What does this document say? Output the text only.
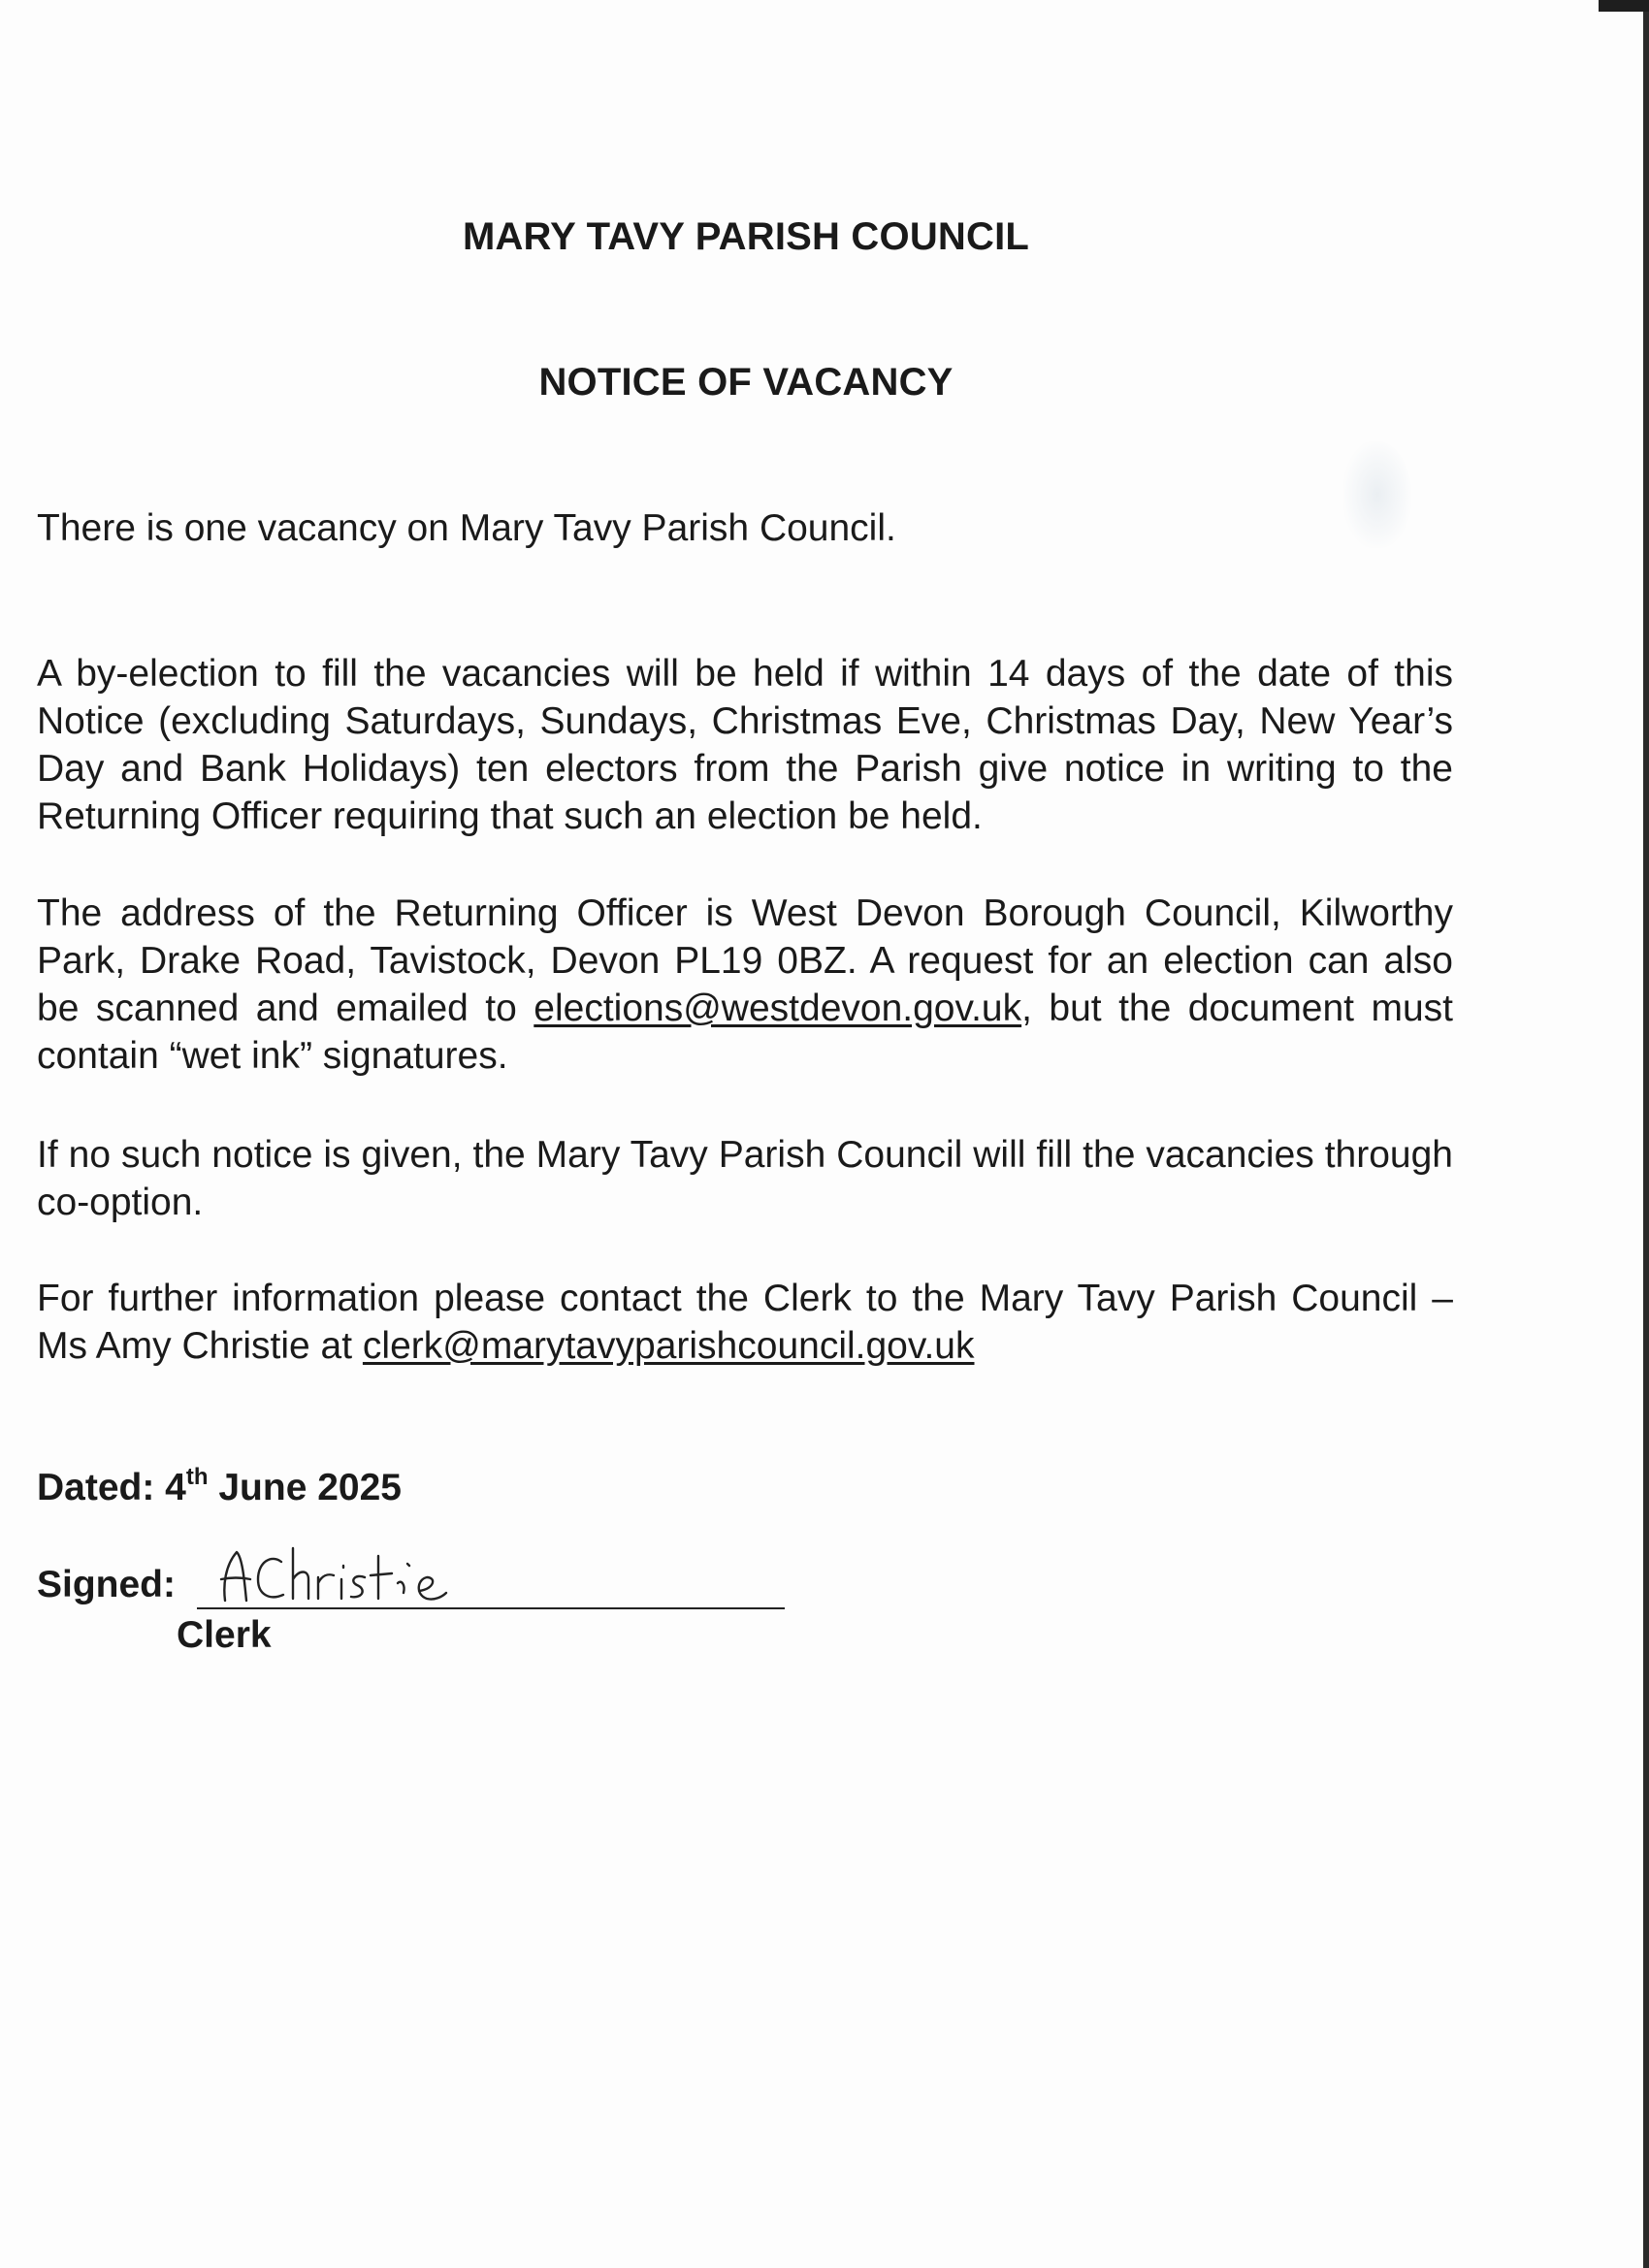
MARY TAVY PARISH COUNCIL
NOTICE OF VACANCY
There is one vacancy on Mary Tavy Parish Council.
A by-election to fill the vacancies will be held if within 14 days of the date of this Notice (excluding Saturdays, Sundays, Christmas Eve, Christmas Day, New Year’s Day and Bank Holidays) ten electors from the Parish give notice in writing to the Returning Officer requiring that such an election be held.
The address of the Returning Officer is West Devon Borough Council, Kilworthy Park, Drake Road, Tavistock, Devon PL19 0BZ. A request for an election can also be scanned and emailed to elections@westdevon.gov.uk, but the document must contain “wet ink” signatures.
If no such notice is given, the Mary Tavy Parish Council will fill the vacancies through co-option.
For further information please contact the Clerk to the Mary Tavy Parish Council – Ms Amy Christie at clerk@marytavyparishcouncil.gov.uk
Dated: 4th June 2025
Signed:
Clerk
